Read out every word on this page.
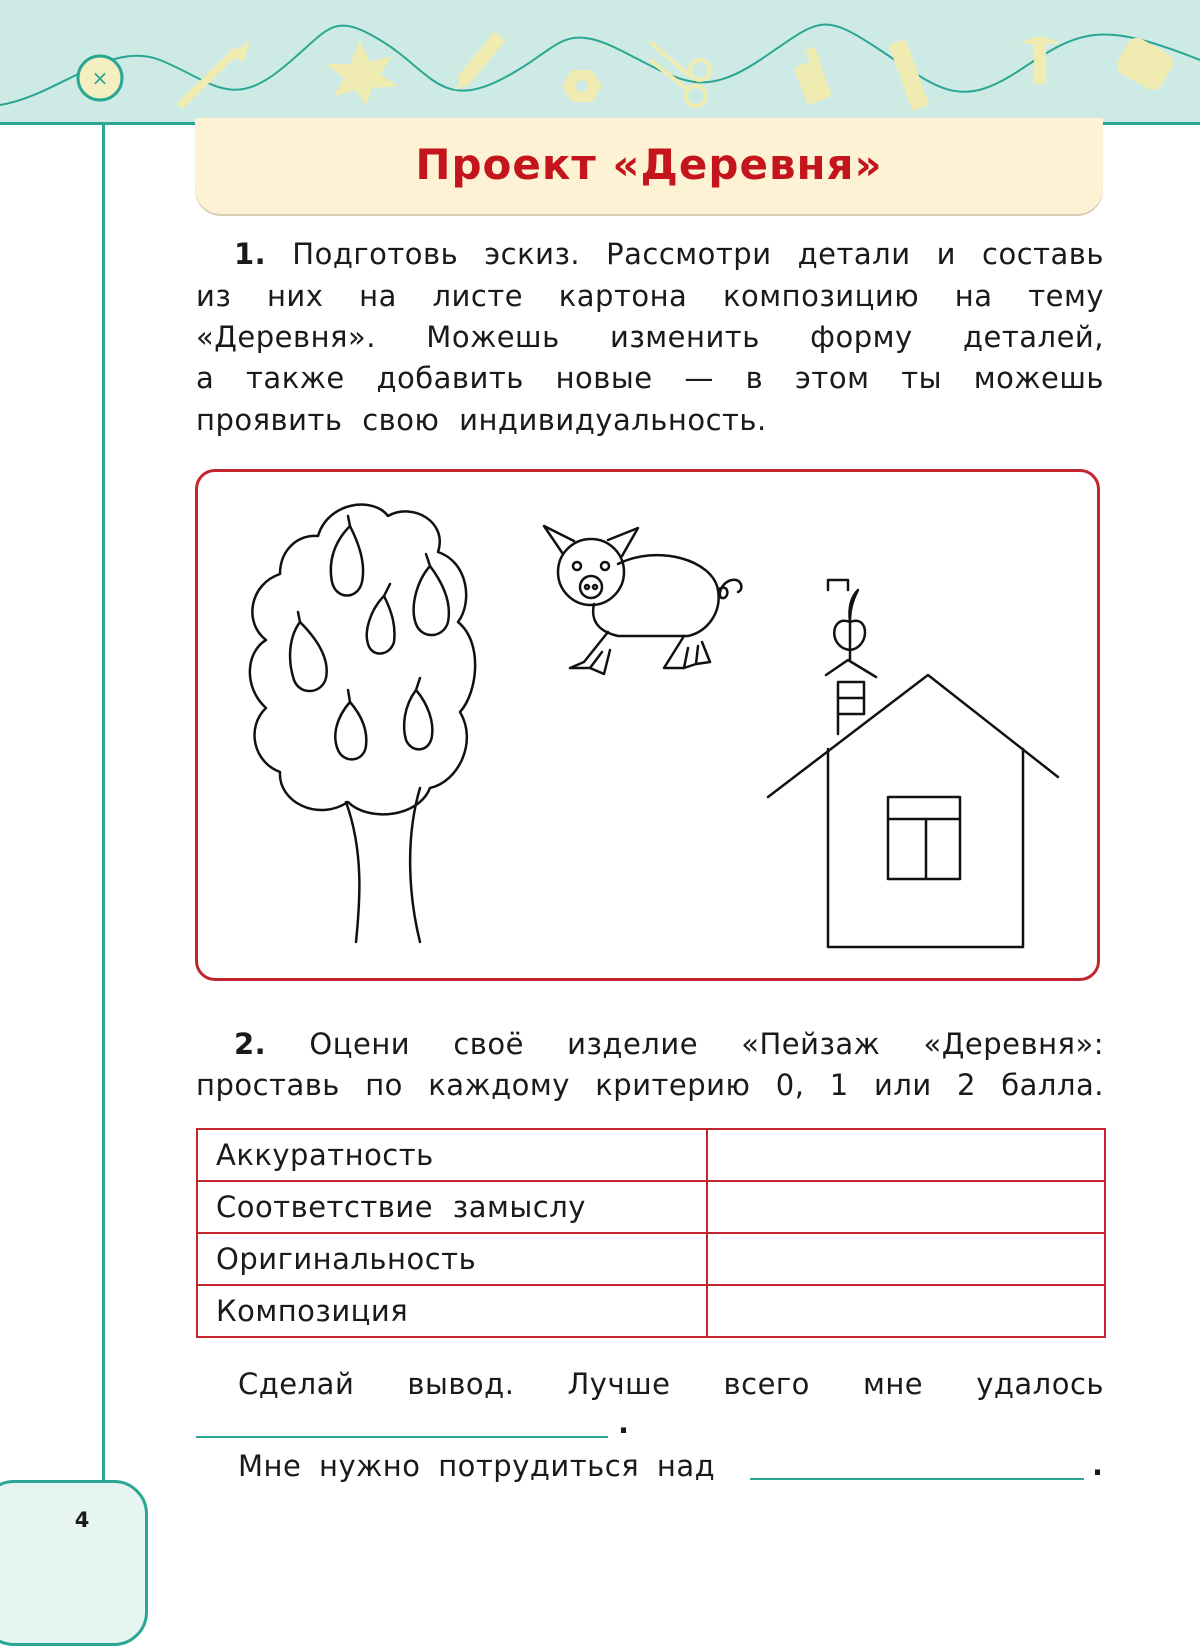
×
4
Проект «Деревня»
1. Подготовь эскиз. Рассмотри детали и составь
из них на листе картона композицию на тему
«Деревня». Можешь изменить форму деталей,
а также добавить новые — в этом ты можешь
проявить свою индивидуальность.
2. Оцени своё изделие «Пейзаж «Деревня»:
проставь по каждому критерию 0, 1 или 2 балла.
Аккуратность	
Соответствие замыслу	
Оригинальность	
Композиция	
Сделай вывод. Лучше всего мне удалось
.
Мне нужно потрудиться над	.
